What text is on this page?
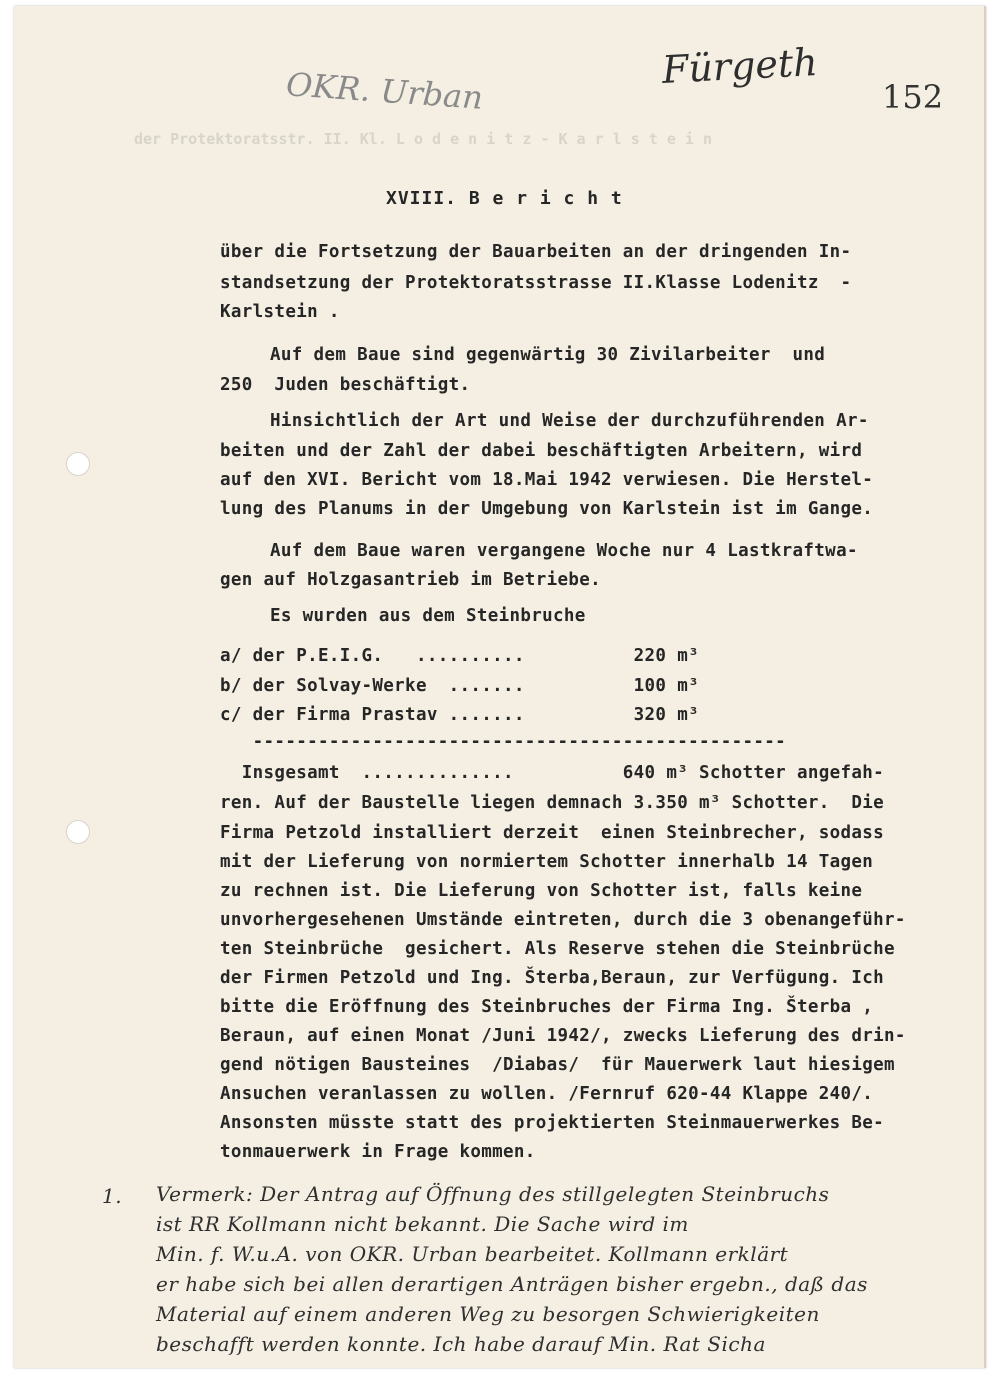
der Protektoratsstr. II. Kl. L o d e n i t z - K a r l s t e i n
OKR. Urban	Fürgeth
152
XVIII. B e r i c h t
über die Fortsetzung der Bauarbeiten an der dringenden In-
standsetzung der Protektoratsstrasse II.Klasse Lodenitz  -
Karlstein .
Auf dem Baue sind gegenwärtig 30 Zivilarbeiter  und
250  Juden beschäftigt.
Hinsichtlich der Art und Weise der durchzuführenden Ar-
beiten und der Zahl der dabei beschäftigten Arbeitern, wird
auf den XVI. Bericht vom 18.Mai 1942 verwiesen. Die Herstel-
lung des Planums in der Umgebung von Karlstein ist im Gange.
Auf dem Baue waren vergangene Woche nur 4 Lastkraftwa-
gen auf Holzgasantrieb im Betriebe.
Es wurden aus dem Steinbruche
a/ der P.E.I.G.   ..........          220 m³
b/ der Solvay-Werke  .......          100 m³
c/ der Firma Prastav .......          320 m³
-------------------------------------------------
Insgesamt  ..............          640 m³ Schotter angefah-
ren. Auf der Baustelle liegen demnach 3.350 m³ Schotter.  Die
Firma Petzold installiert derzeit  einen Steinbrecher, sodass
mit der Lieferung von normiertem Schotter innerhalb 14 Tagen
zu rechnen ist. Die Lieferung von Schotter ist, falls keine
unvorhergesehenen Umstände eintreten, durch die 3 obenangeführ-
ten Steinbrüche  gesichert. Als Reserve stehen die Steinbrüche
der Firmen Petzold und Ing. Šterba,Beraun, zur Verfügung. Ich
bitte die Eröffnung des Steinbruches der Firma Ing. Šterba ,
Beraun, auf einen Monat /Juni 1942/, zwecks Lieferung des drin-
gend nötigen Bausteines  /Diabas/  für Mauerwerk laut hiesigem
Ansuchen veranlassen zu wollen. /Fernruf 620-44 Klappe 240/.
Ansonsten müsste statt des projektierten Steinmauerwerkes Be-
tonmauerwerk in Frage kommen.
1. Vermerk: Der Antrag auf Öffnung des stillgelegten Steinbruchs
ist RR Kollmann nicht bekannt. Die Sache wird im
Min. f. W.u.A. von OKR. Urban bearbeitet. Kollmann erklärt
er habe sich bei allen derartigen Anträgen bisher ergebn., daß das
Material auf einem anderen Weg zu besorgen Schwierigkeiten
beschafft werden konnte. Ich habe darauf Min. Rat Sicha
